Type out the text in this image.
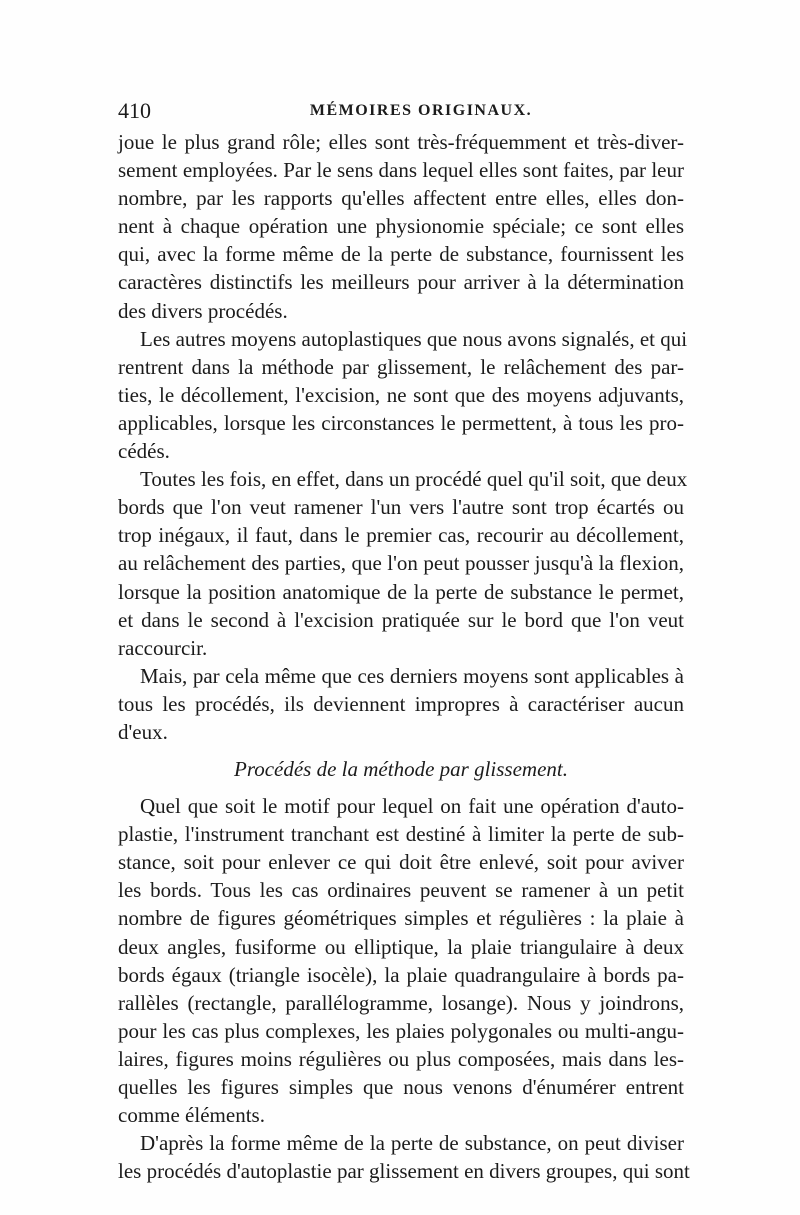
410	MÉMOIRES ORIGINAUX.

joue le plus grand rôle; elles sont très-fréquemment et très-diver-
sement employées. Par le sens dans lequel elles sont faites, par leur
nombre, par les rapports qu'elles affectent entre elles, elles don-
nent à chaque opération une physionomie spéciale; ce sont elles
qui, avec la forme même de la perte de substance, fournissent les
caractères distinctifs les meilleurs pour arriver à la détermination
des divers procédés.

Les autres moyens autoplastiques que nous avons signalés, et qui
rentrent dans la méthode par glissement, le relâchement des par-
ties, le décollement, l'excision, ne sont que des moyens adjuvants,
applicables, lorsque les circonstances le permettent, à tous les pro-
cédés.

Toutes les fois, en effet, dans un procédé quel qu'il soit, que deux
bords que l'on veut ramener l'un vers l'autre sont trop écartés ou
trop inégaux, il faut, dans le premier cas, recourir au décollement,
au relâchement des parties, que l'on peut pousser jusqu'à la flexion,
lorsque la position anatomique de la perte de substance le permet,
et dans le second à l'excision pratiquée sur le bord que l'on veut
raccourcir.

Mais, par cela même que ces derniers moyens sont applicables à
tous les procédés, ils deviennent impropres à caractériser aucun
d'eux.

Procédés de la méthode par glissement.

Quel que soit le motif pour lequel on fait une opération d'auto-
plastie, l'instrument tranchant est destiné à limiter la perte de sub-
stance, soit pour enlever ce qui doit être enlevé, soit pour aviver
les bords. Tous les cas ordinaires peuvent se ramener à un petit
nombre de figures géométriques simples et régulières : la plaie à
deux angles, fusiforme ou elliptique, la plaie triangulaire à deux
bords égaux (triangle isocèle), la plaie quadrangulaire à bords pa-
rallèles (rectangle, parallélogramme, losange). Nous y joindrons,
pour les cas plus complexes, les plaies polygonales ou multi-angu-
laires, figures moins régulières ou plus composées, mais dans les-
quelles les figures simples que nous venons d'énumérer entrent
comme éléments.

D'après la forme même de la perte de substance, on peut diviser
les procédés d'autoplastie par glissement en divers groupes, qui sont
